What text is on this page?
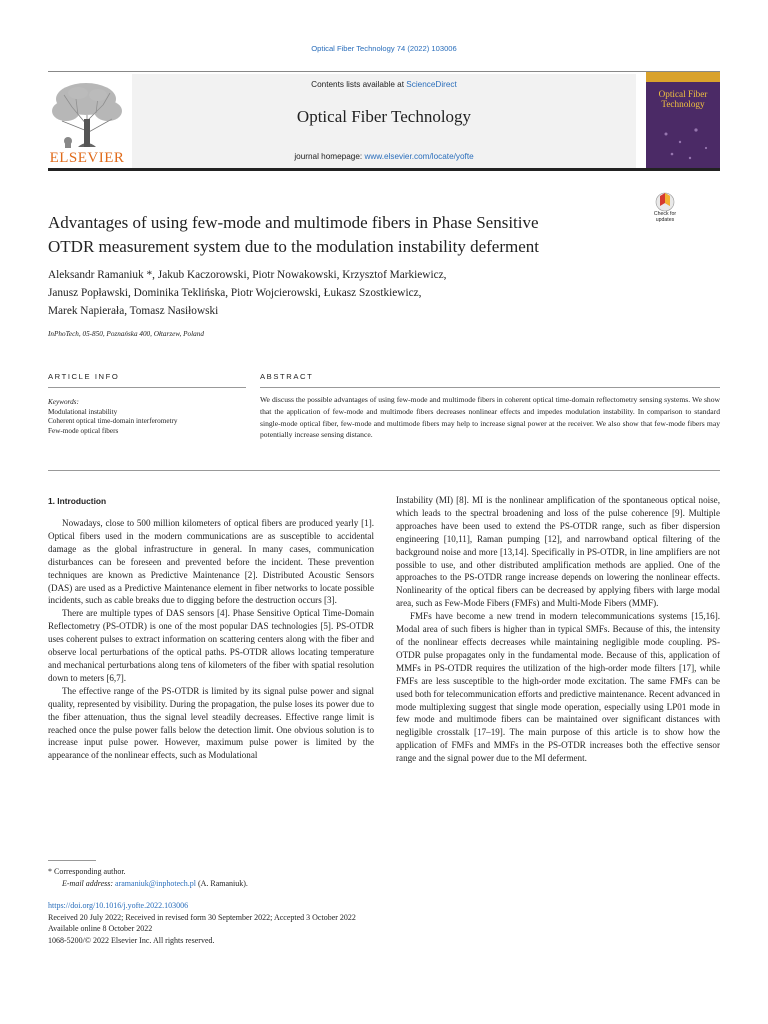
Optical Fiber Technology 74 (2022) 103006
ELSEVIER
Contents lists available at ScienceDirect
Optical Fiber Technology
journal homepage: www.elsevier.com/locate/yofte
Optical Fiber Technology
Check for updates
Advantages of using few-mode and multimode fibers in Phase Sensitive
OTDR measurement system due to the modulation instability deferment
Aleksandr Ramaniuk *, Jakub Kaczorowski, Piotr Nowakowski, Krzysztof Markiewicz,
Janusz Popławski, Dominika Teklińska, Piotr Wojcierowski, Łukasz Szostkiewicz,
Marek Napierała, Tomasz Nasiłowski
InPhoTech, 05-850, Poznańska 400, Ołtarzew, Poland
ARTICLE INFO	ABSTRACT
Keywords:
Modulational instability
Coherent optical time-domain interferometry
Few-mode optical fibers
We discuss the possible advantages of using few-mode and multimode fibers in coherent optical time-domain reflectometry sensing systems. We show that the application of few-mode and multimode fibers decreases nonlinear effects and impedes modulation instability. In comparison to standard single-mode optical fiber, few-mode and multimode fibers may help to increase signal power at the receiver. We also show that few-mode fibers may potentially increase sensing distance.
1. Introduction

Nowadays, close to 500 million kilometers of optical fibers are produced yearly [1]. Optical fibers used in the modern communications are as susceptible to accidental damage as the global infrastructure in general. In many cases, communication disturbances can be foreseen and prevented before the incident. These prevention techniques are known as Predictive Maintenance [2]. Distributed Acoustic Sensors (DAS) are used as a Predictive Maintenance element in fiber networks to locate possible incidents, such as cable breaks due to digging before the destruction occurs [3].

There are multiple types of DAS sensors [4]. Phase Sensitive Optical Time-Domain Reflectometry (PS-OTDR) is one of the most popular DAS technologies [5]. PS-OTDR uses coherent pulses to extract information on scattering centers along with the fiber and observe local perturbations of the optical paths. PS-OTDR allows locating temperature and mechanical perturbations along tens of kilometers of the fiber with spatial resolution down to meters [6,7].

The effective range of the PS-OTDR is limited by its signal pulse power and signal quality, represented by visibility. During the propagation, the pulse loses its power due to the fiber attenuation, thus the signal level steadily decreases. Effective range limit is reached once the pulse power falls below the detection limit. One obvious solution is to increase input pulse power. However, maximum pulse power is limited by the appearance of the nonlinear effects, such as Modulational

Instability (MI) [8]. MI is the nonlinear amplification of the spontaneous optical noise, which leads to the spectral broadening and loss of the pulse coherence [9]. Multiple approaches have been used to extend the PS-OTDR range, such as fiber dispersion engineering [10,11], Raman pumping [12], and narrowband optical filtering of the background noise and more [13,14]. Specifically in PS-OTDR, in line amplifiers are not possible to use, and other distributed amplification methods are applied. One of the approaches to the PS-OTDR range increase depends on lowering the nonlinear effects. Nonlinearity of the optical fibers can be decreased by applying fibers with large modal area, such as Few-Mode Fibers (FMFs) and Multi-Mode Fibers (MMF).

FMFs have become a new trend in modern telecommunications systems [15,16]. Modal area of such fibers is higher than in typical SMFs. Because of this, the intensity of the nonlinear effects decreases while maintaining negligible mode coupling. PS-OTDR pulse propagates only in the fundamental mode. Because of this, application of MMFs in PS-OTDR requires the utilization of the high-order mode filters [17], while FMFs are less susceptible to the high-order mode excitation. The same FMFs can be used both for telecommunication efforts and predictive maintenance. Recent advanced in mode multiplexing suggest that single mode operation, especially using LP01 mode in few mode and multimode fibers can be maintained over significant distances with negligible crosstalk [17–19]. The main purpose of this article is to show how the application of FMFs and MMFs in the PS-OTDR increases both the effective sensor range and the signal power due to the MI deferment.

* Corresponding author.
E-mail address: aramaniuk@inphotech.pl (A. Ramaniuk).
https://doi.org/10.1016/j.yofte.2022.103006
Received 20 July 2022; Received in revised form 30 September 2022; Accepted 3 October 2022
Available online 8 October 2022
1068-5200/© 2022 Elsevier Inc. All rights reserved.
